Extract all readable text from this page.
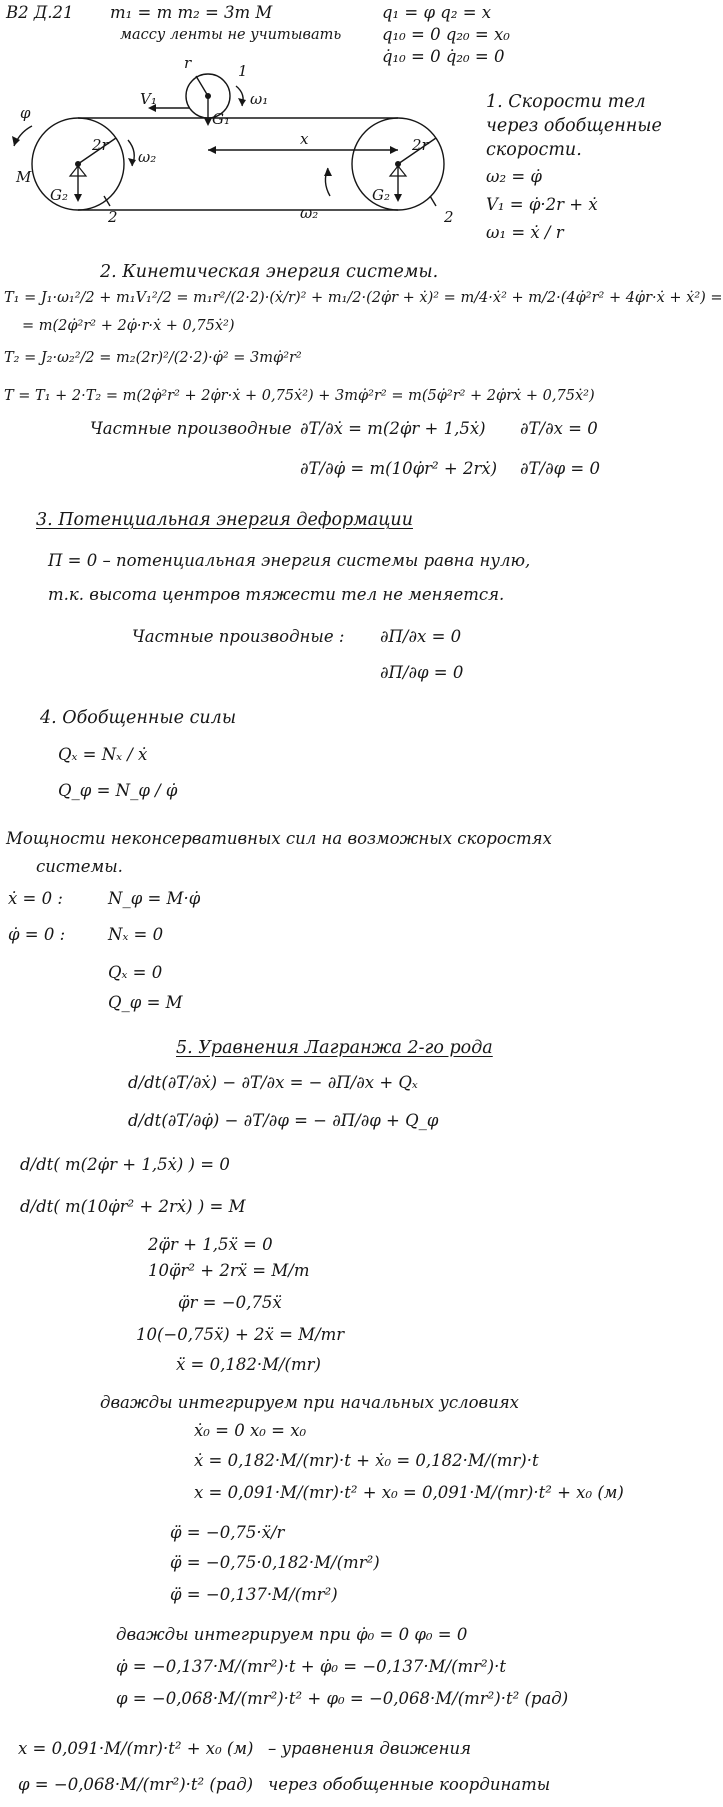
В2 Д.21 m₁ = m m₂ = 3m M
массу ленты не учитывать
q₁ = φ q₂ = x
q₁₀ = 0 q₂₀ = x₀
q̇₁₀ = 0 q̇₂₀ = 0
r
2r	2r
1
2	2
ω₁
ω₂
ω₂
V₁
G₁
G₂	G₂
M
φ
x
1. Скорости тел
через обобщенные
скорости.
ω₂ = φ̇
V₁ = φ̇·2r + ẋ
ω₁ = ẋ / r
2. Кинетическая энергия системы.
T₁ = J₁·ω₁²/2 + m₁V₁²/2 = m₁r²/(2·2)·(ẋ/r)² + m₁/2·(2φ̇r + ẋ)² = m/4·ẋ² + m/2·(4φ̇²r² + 4φ̇r·ẋ + ẋ²) =
= m(2φ̇²r² + 2φ̇·r·ẋ + 0,75ẋ²)
T₂ = J₂·ω₂²/2 = m₂(2r)²/(2·2)·φ̇² = 3mφ̇²r²
T = T₁ + 2·T₂ = m(2φ̇²r² + 2φ̇r·ẋ + 0,75ẋ²) + 3mφ̇²r² = m(5φ̇²r² + 2φ̇rẋ + 0,75ẋ²)
Частные производные ∂T/∂ẋ = m(2φ̇r + 1,5ẋ) ∂T/∂x = 0
∂T/∂φ̇ = m(10φ̇r² + 2rẋ) ∂T/∂φ = 0
3. Потенциальная энергия деформации
П = 0 – потенциальная энергия системы равна нулю,
т.к. высота центров тяжести тел не меняется.
Частные производные : ∂П/∂x = 0
∂П/∂φ = 0
4. Обобщенные силы
Qₓ = Nₓ / ẋ
Q_φ = N_φ / φ̇
Мощности неконсервативных сил на возможных скоростях
системы.
ẋ = 0 :	N_φ = M·φ̇
φ̇ = 0 :	Nₓ = 0
Qₓ = 0
Q_φ = M
5. Уравнения Лагранжа 2-го рода
d/dt(∂T/∂ẋ) − ∂T/∂x = − ∂П/∂x + Qₓ
d/dt(∂T/∂φ̇) − ∂T/∂φ = − ∂П/∂φ + Q_φ
d/dt( m(2φ̇r + 1,5ẋ) ) = 0
d/dt( m(10φ̇r² + 2rẋ) ) = M
2φ̈r + 1,5ẍ = 0
10φ̈r² + 2rẍ = M/m
φ̈r = −0,75ẍ
10(−0,75ẍ) + 2ẍ = M/mr
ẍ = 0,182·M/(mr)
дважды интегрируем при начальных условиях
ẋ₀ = 0 x₀ = x₀
ẋ = 0,182·M/(mr)·t + ẋ₀ = 0,182·M/(mr)·t
x = 0,091·M/(mr)·t² + x₀ = 0,091·M/(mr)·t² + x₀ (м)
φ̈ = −0,75·ẍ/r
φ̈ = −0,75·0,182·M/(mr²)
φ̈ = −0,137·M/(mr²)
дважды интегрируем при φ̇₀ = 0 φ₀ = 0
φ̇ = −0,137·M/(mr²)·t + φ̇₀ = −0,137·M/(mr²)·t
φ = −0,068·M/(mr²)·t² + φ₀ = −0,068·M/(mr²)·t² (рад)
x = 0,091·M/(mr)·t² + x₀ (м) – уравнения движения
φ = −0,068·M/(mr²)·t² (рад) через обобщенные координаты
